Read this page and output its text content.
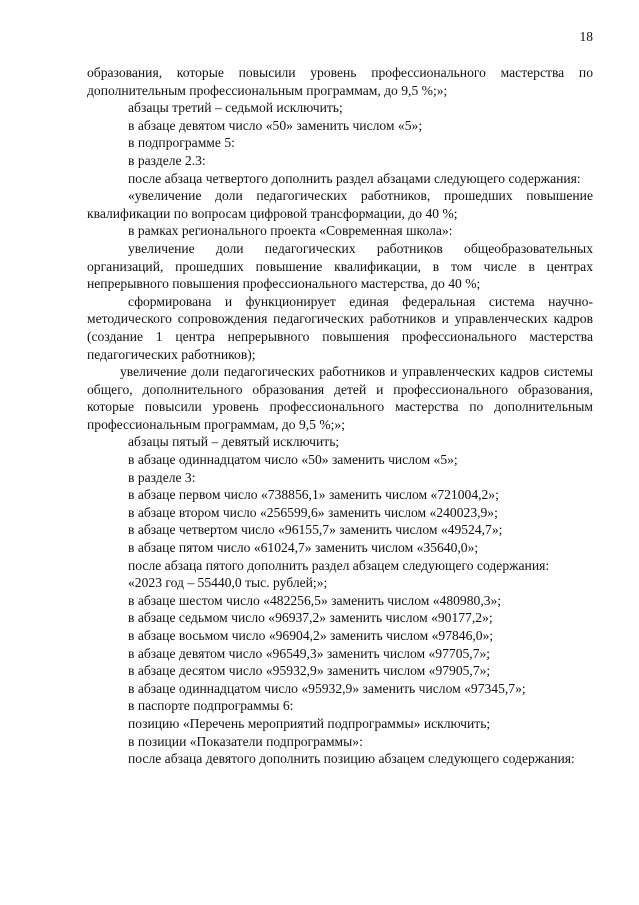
18

образования, которые повысили уровень профессионального мастерства по дополнительным профессиональным программам, до 9,5 %;»;

абзацы третий – седьмой исключить;

в абзаце девятом число «50» заменить числом «5»;

в подпрограмме 5:

в разделе 2.3:

после абзаца четвертого дополнить раздел абзацами следующего содержания:

«увеличение доли педагогических работников, прошедших повышение квалификации по вопросам цифровой трансформации, до 40 %;

в рамках регионального проекта «Современная школа»:

увеличение доли педагогических работников общеобразовательных организаций, прошедших повышение квалификации, в том числе в центрах непрерывного повышения профессионального мастерства, до 40 %;

сформирована и функционирует единая федеральная система научно-методического сопровождения педагогических работников и управленческих кадров (создание 1 центра непрерывного повышения профессионального мастерства педагогических работников);

увеличение доли педагогических работников и управленческих кадров системы общего, дополнительного образования детей и профессионального образования, которые повысили уровень профессионального мастерства по дополнительным профессиональным программам, до 9,5 %;»;

абзацы пятый – девятый исключить;

в абзаце одиннадцатом число «50» заменить числом «5»;

в разделе 3:

в абзаце первом число «738856,1» заменить числом «721004,2»;

в абзаце втором число «256599,6» заменить числом «240023,9»;

в абзаце четвертом число «96155,7» заменить числом «49524,7»;

в абзаце пятом число «61024,7» заменить числом «35640,0»;

после абзаца пятого дополнить раздел абзацем следующего содержания:

«2023 год – 55440,0 тыс. рублей;»;

в абзаце шестом число «482256,5» заменить числом «480980,3»;

в абзаце седьмом число «96937,2» заменить числом «90177,2»;

в абзаце восьмом число «96904,2» заменить числом «97846,0»;

в абзаце девятом число «96549,3» заменить числом «97705,7»;

в абзаце десятом число «95932,9» заменить числом «97905,7»;

в абзаце одиннадцатом число «95932,9» заменить числом «97345,7»;

в паспорте подпрограммы 6:

позицию «Перечень мероприятий подпрограммы» исключить;

в позиции «Показатели подпрограммы»:

после абзаца девятого дополнить позицию абзацем следующего содержания:
